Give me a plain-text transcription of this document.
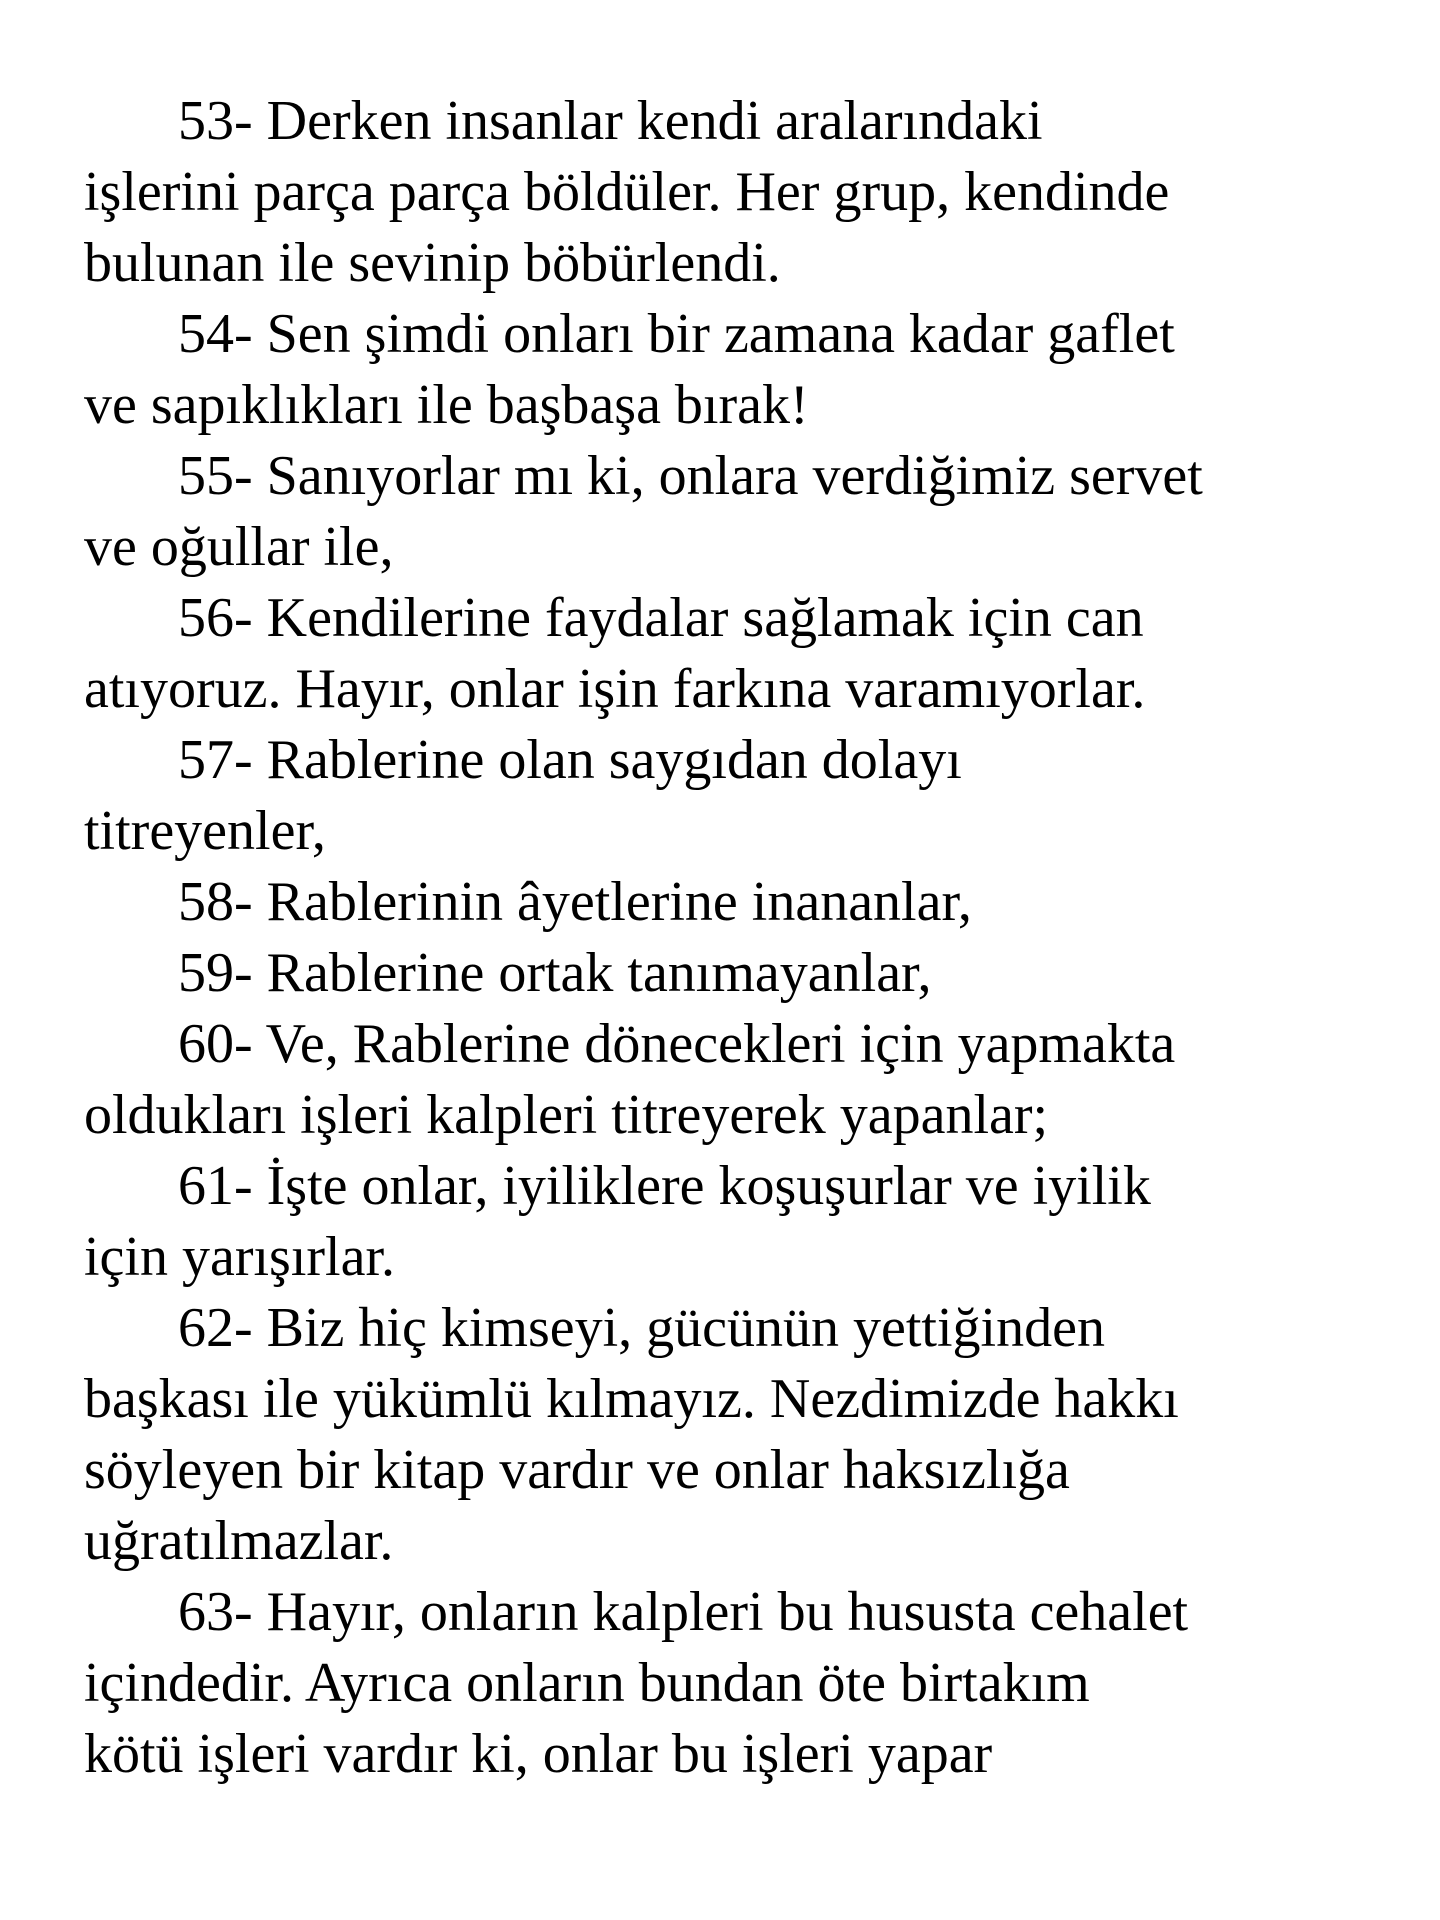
53- Derken insanlar kendi aralarındaki
işlerini parça parça böldüler. Her grup, kendinde
bulunan ile sevinip böbürlendi.
54- Sen şimdi onları bir zamana kadar gaflet
ve sapıklıkları ile başbaşa bırak!
55- Sanıyorlar mı ki, onlara verdiğimiz servet
ve oğullar ile,
56- Kendilerine faydalar sağlamak için can
atıyoruz. Hayır, onlar işin farkına varamıyorlar.
57- Rablerine olan saygıdan dolayı
titreyenler,
58- Rablerinin âyetlerine inananlar,
59- Rablerine ortak tanımayanlar,
60- Ve, Rablerine dönecekleri için yapmakta
oldukları işleri kalpleri titreyerek yapanlar;
61- İşte onlar, iyiliklere koşuşurlar ve iyilik
için yarışırlar.
62- Biz hiç kimseyi, gücünün yettiğinden
başkası ile yükümlü kılmayız. Nezdimizde hakkı
söyleyen bir kitap vardır ve onlar haksızlığa
uğratılmazlar.
63- Hayır, onların kalpleri bu hususta cehalet
içindedir. Ayrıca onların bundan öte birtakım
kötü işleri vardır ki, onlar bu işleri yapar
